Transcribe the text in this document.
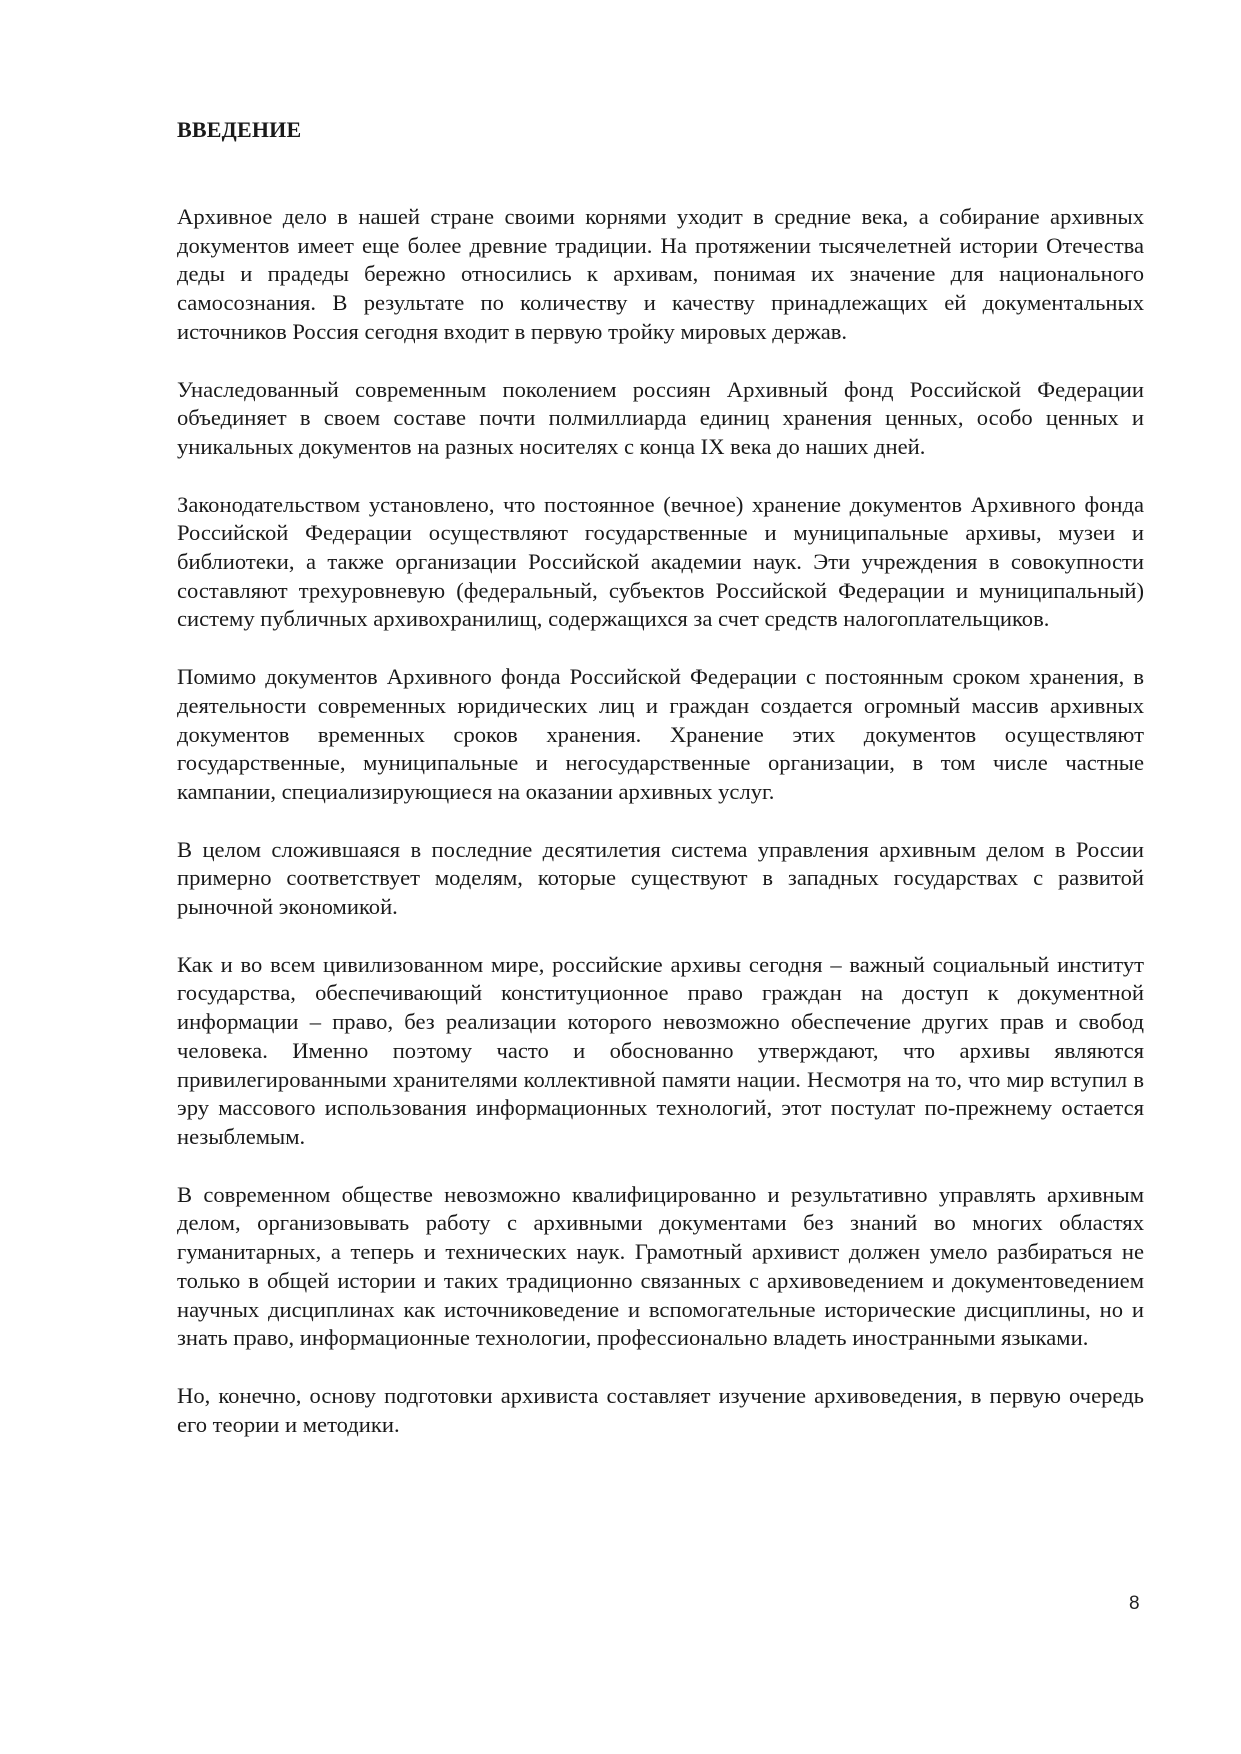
ВВЕДЕНИЕ

Архивное дело в нашей стране своими корнями уходит в средние века, а собирание архивных документов имеет еще более древние традиции. На протяжении тысячелетней истории Отечества деды и прадеды бережно относились к архивам, понимая их значение для национального самосознания. В результате по количеству и качеству принадлежащих ей документальных источников Россия сегодня входит в первую тройку мировых держав.

Унаследованный современным поколением россиян Архивный фонд Российской Федерации объединяет в своем составе почти полмиллиарда единиц хранения ценных, особо ценных и уникальных документов на разных носителях с конца IX века до наших дней.

Законодательством установлено, что постоянное (вечное) хранение документов Архивного фонда Российской Федерации осуществляют государственные и муниципальные архивы, музеи и библиотеки, а также организации Российской академии наук. Эти учреждения в совокупности составляют трехуровневую (федеральный, субъектов Российской Федерации и муниципальный) систему публичных архивохранилищ, содержащихся за счет средств налогоплательщиков.

Помимо документов Архивного фонда Российской Федерации с постоянным сроком хранения, в деятельности современных юридических лиц и граждан создается огромный массив архивных документов временных сроков хранения. Хранение этих документов осуществляют государственные, муниципальные и негосударственные организации, в том числе частные кампании, специализирующиеся на оказании архивных услуг.

В целом сложившаяся в последние десятилетия система управления архивным делом в России примерно соответствует моделям, которые существуют в западных государствах с развитой рыночной экономикой.

Как и во всем цивилизованном мире, российские архивы сегодня – важный социальный институт государства, обеспечивающий конституционное право граждан на доступ к документной информации – право, без реализации которого невозможно обеспечение других прав и свобод человека. Именно поэтому часто и обоснованно утверждают, что архивы являются привилегированными хранителями коллективной памяти нации. Несмотря на то, что мир вступил в эру массового использования информационных технологий, этот постулат по-прежнему остается незыблемым.

В современном обществе невозможно квалифицированно и результативно управлять архивным делом, организовывать работу с архивными документами без знаний во многих областях гуманитарных, а теперь и технических наук. Грамотный архивист должен умело разбираться не только в общей истории и таких традиционно связанных с архивоведением и документоведением научных дисциплинах как источниковедение и вспомогательные исторические дисциплины, но и знать право, информационные технологии, профессионально владеть иностранными языками.

Но, конечно, основу подготовки архивиста составляет изучение архивоведения, в первую очередь его теории и методики.

8
